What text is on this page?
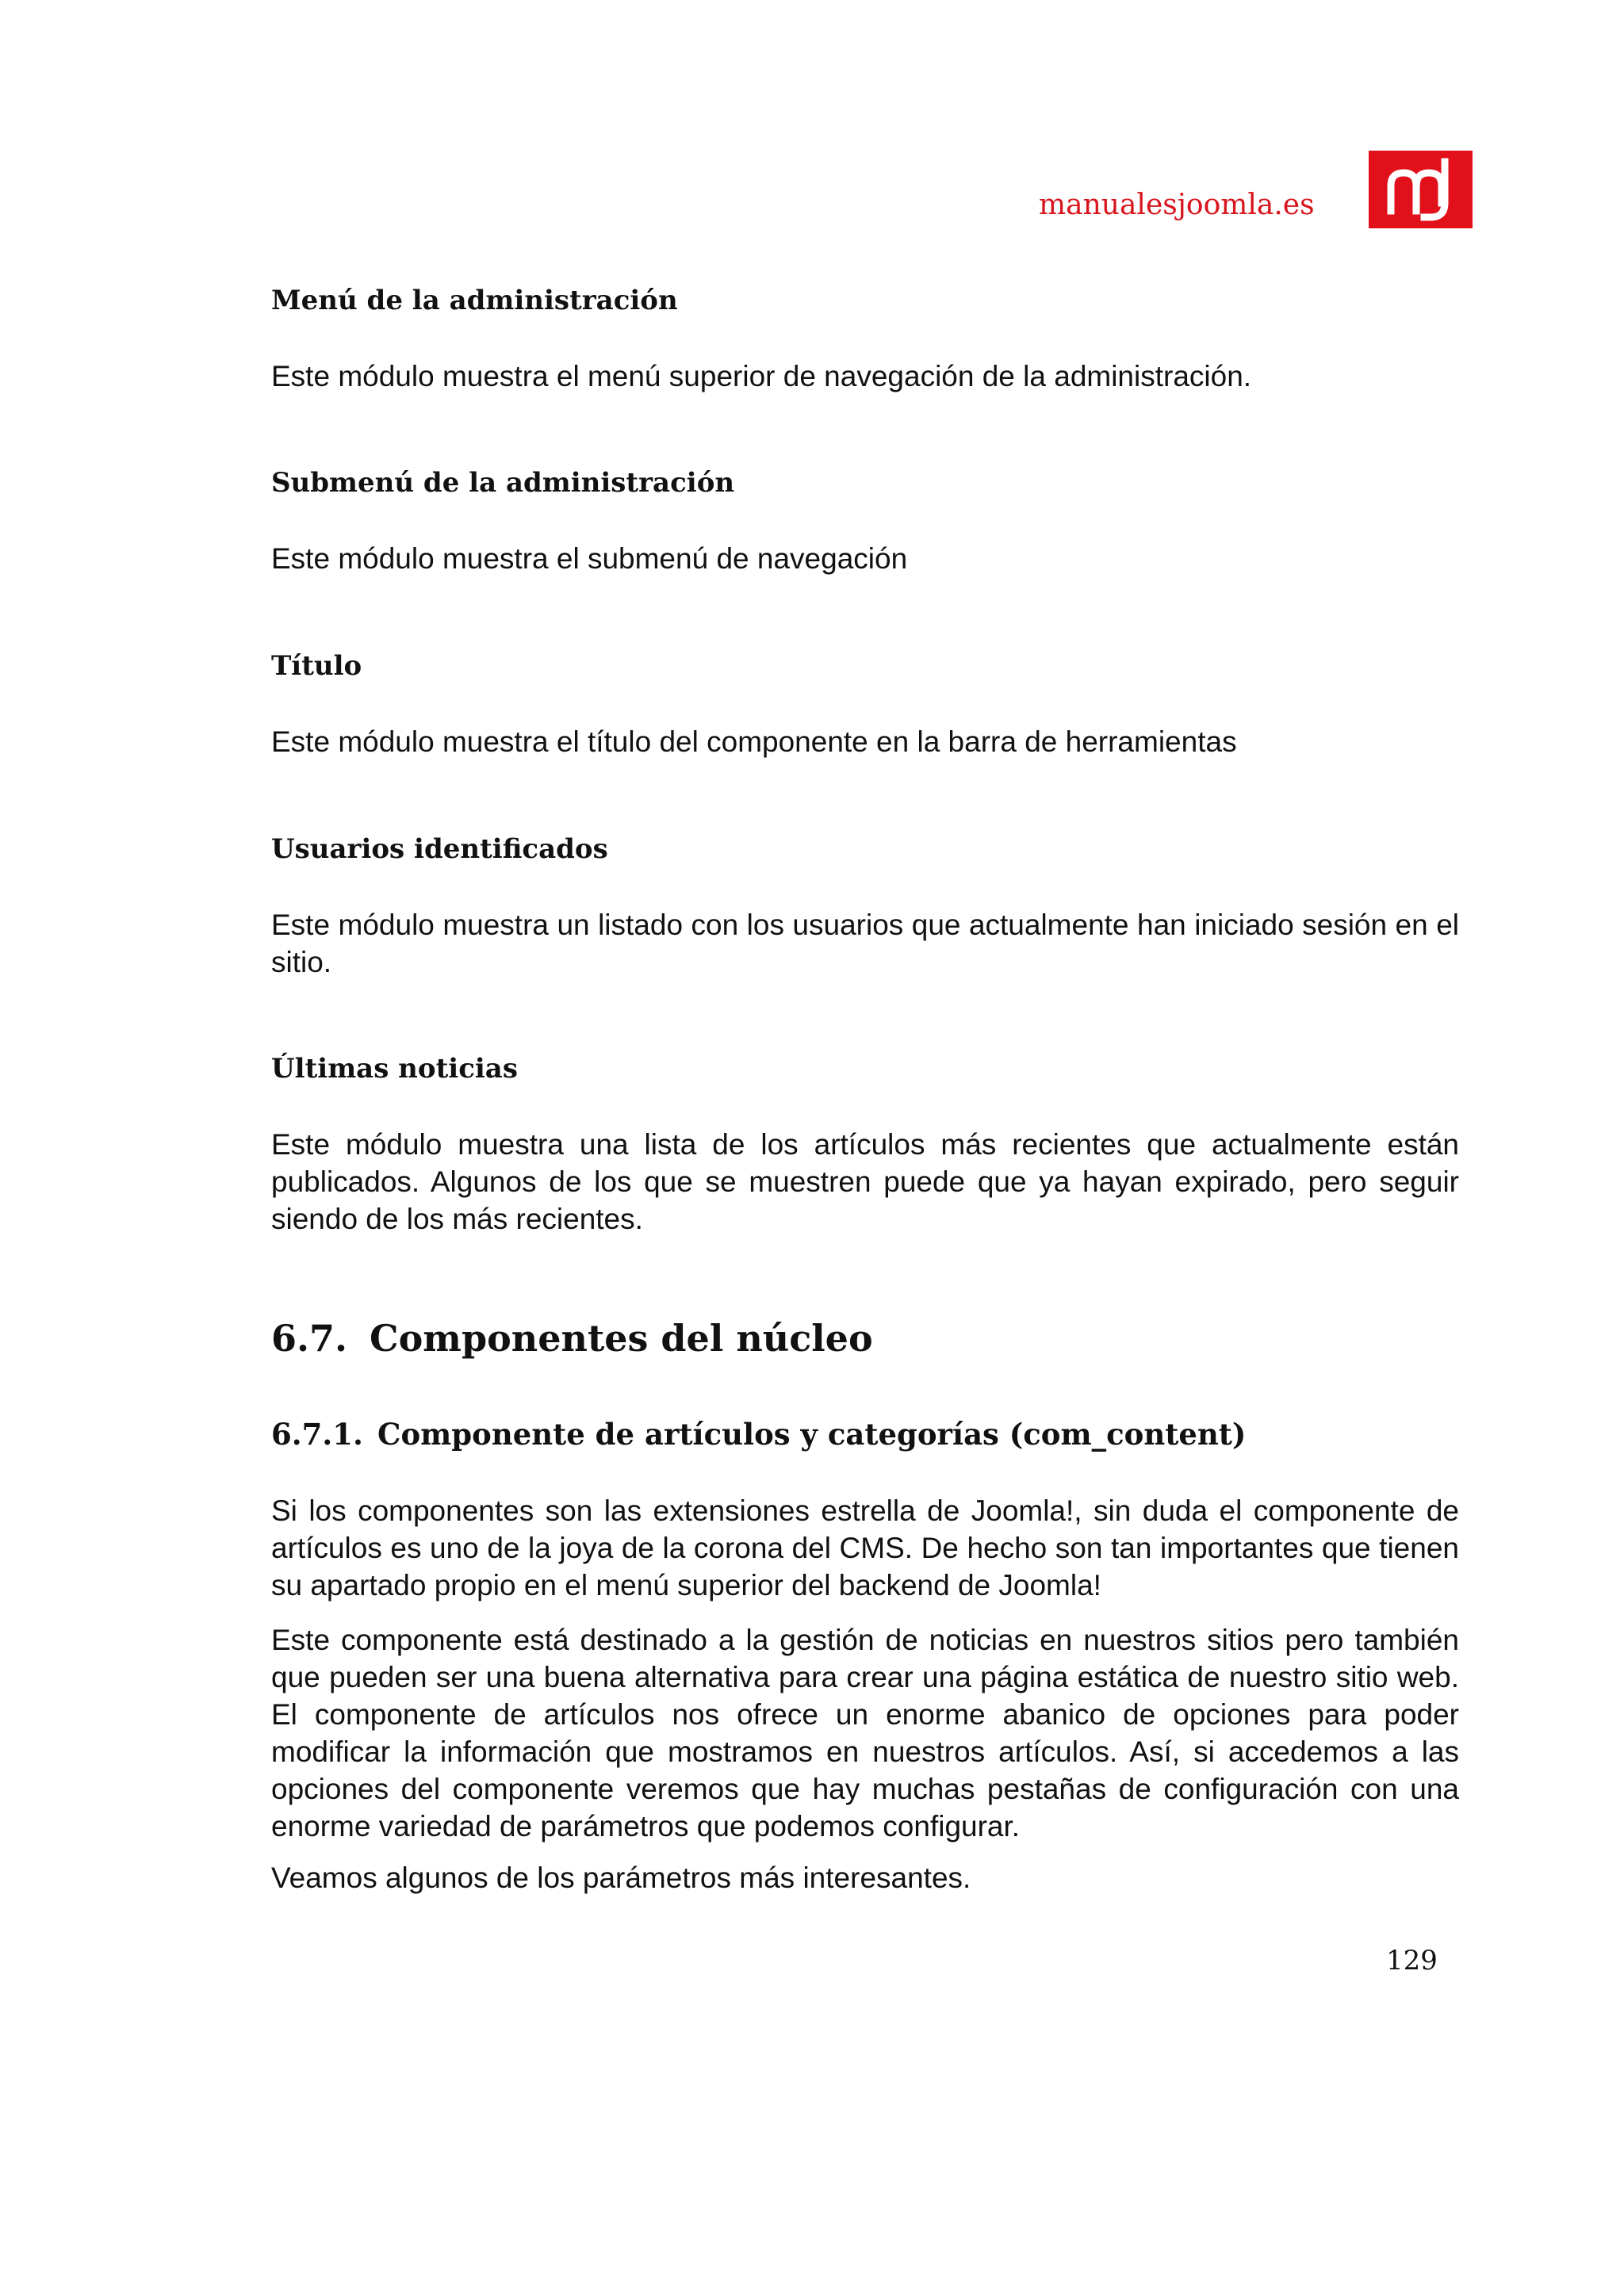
manualesjoomla.es
Menú de la administración
Este módulo muestra el menú superior de navegación de la administración.
Submenú de la administración
Este módulo muestra el submenú de navegación
Título
Este módulo muestra el título del componente en la barra de herramientas
Usuarios identificados
Este módulo muestra un listado con los usuarios que actualmente han iniciado sesión en el sitio.
Últimas noticias
Este módulo muestra una lista de los artículos más recientes que actualmente están publicados. Algunos de los que se muestren puede que ya hayan expirado, pero seguir siendo de los más recientes.
6.7. Componentes del núcleo
6.7.1. Componente de artículos y categorías (com_content)
Si los componentes son las extensiones estrella de Joomla!, sin duda el componente de artículos es uno de la joya de la corona del CMS. De hecho son tan importantes que tienen su apartado propio en el menú superior del backend de Joomla!
Este componente está destinado a la gestión de noticias en nuestros sitios pero también que pueden ser una buena alternativa para crear una página estática de nuestro sitio web. El componente de artículos nos ofrece un enorme abanico de opciones para poder modificar la información que mostramos en nuestros artículos. Así, si accedemos a las opciones del componente veremos que hay muchas pestañas de configuración con una enorme variedad de parámetros que podemos configurar.
Veamos algunos de los parámetros más interesantes.
129
